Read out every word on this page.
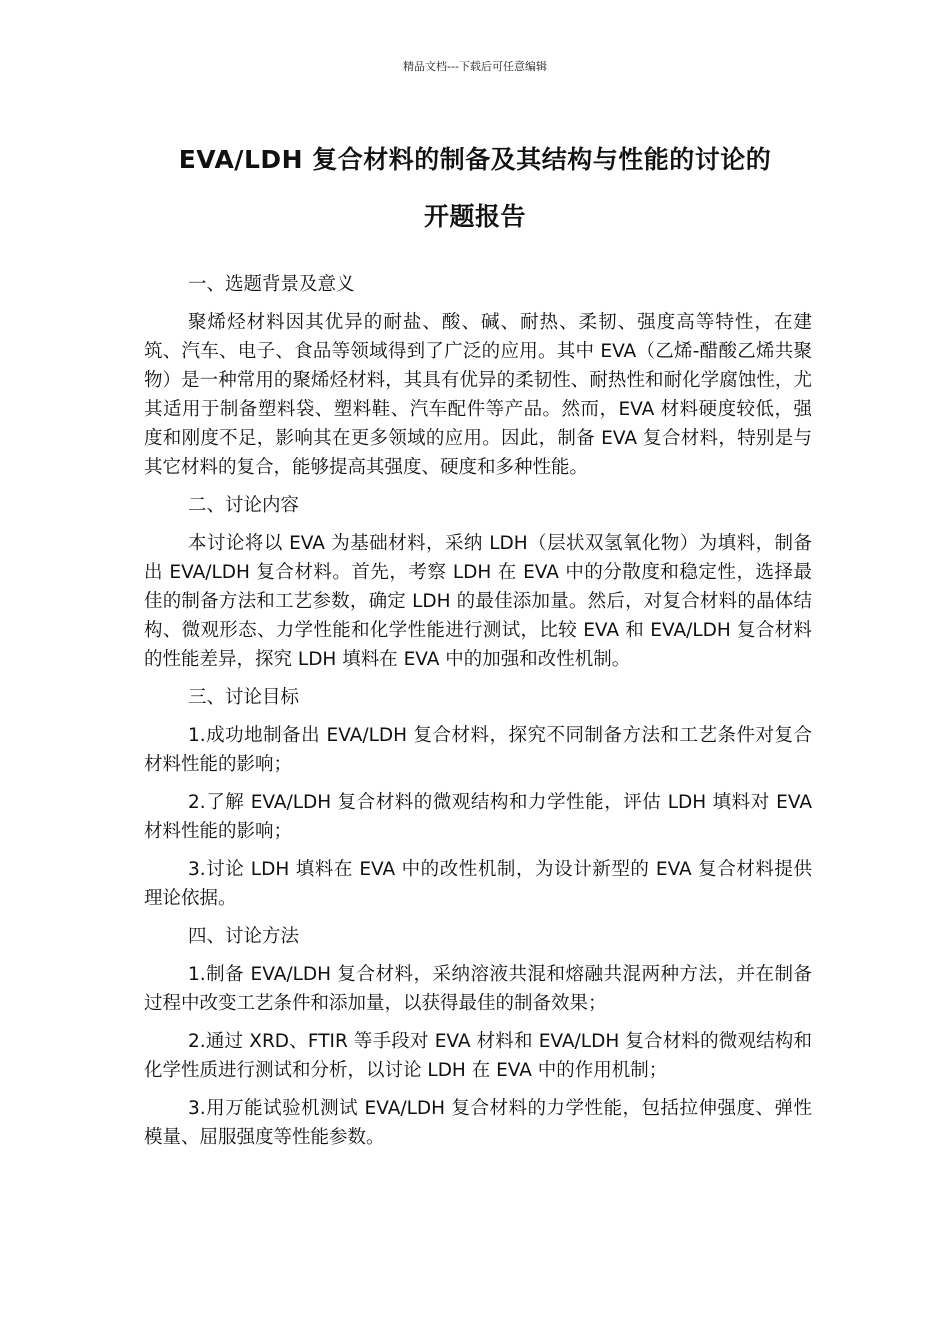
精品文档---下载后可任意编辑
EVA/LDH 复合材料的制备及其结构与性能的讨论的
开题报告
一、选题背景及意义

聚烯烃材料因其优异的耐盐、酸、碱、耐热、柔韧、强度高等特性，在建筑、汽车、电子、食品等领域得到了广泛的应用。其中 EVA（乙烯-醋酸乙烯共聚物）是一种常用的聚烯烃材料，其具有优异的柔韧性、耐热性和耐化学腐蚀性，尤其适用于制备塑料袋、塑料鞋、汽车配件等产品。然而，EVA 材料硬度较低，强度和刚度不足，影响其在更多领域的应用。因此，制备 EVA 复合材料，特别是与其它材料的复合，能够提高其强度、硬度和多种性能。

二、讨论内容

本讨论将以 EVA 为基础材料，采纳 LDH（层状双氢氧化物）为填料，制备出 EVA/LDH 复合材料。首先，考察 LDH 在 EVA 中的分散度和稳定性，选择最佳的制备方法和工艺参数，确定 LDH 的最佳添加量。然后，对复合材料的晶体结构、微观形态、力学性能和化学性能进行测试，比较 EVA 和 EVA/LDH 复合材料的性能差异，探究 LDH 填料在 EVA 中的加强和改性机制。

三、讨论目标

1.成功地制备出 EVA/LDH 复合材料，探究不同制备方法和工艺条件对复合材料性能的影响；

2.了解 EVA/LDH 复合材料的微观结构和力学性能，评估 LDH 填料对 EVA 材料性能的影响；

3.讨论 LDH 填料在 EVA 中的改性机制，为设计新型的 EVA 复合材料提供理论依据。

四、讨论方法

1.制备 EVA/LDH 复合材料，采纳溶液共混和熔融共混两种方法，并在制备过程中改变工艺条件和添加量，以获得最佳的制备效果；

2.通过 XRD、FTIR 等手段对 EVA 材料和 EVA/LDH 复合材料的微观结构和化学性质进行测试和分析，以讨论 LDH 在 EVA 中的作用机制；

3.用万能试验机测试 EVA/LDH 复合材料的力学性能，包括拉伸强度、弹性模量、屈服强度等性能参数。
